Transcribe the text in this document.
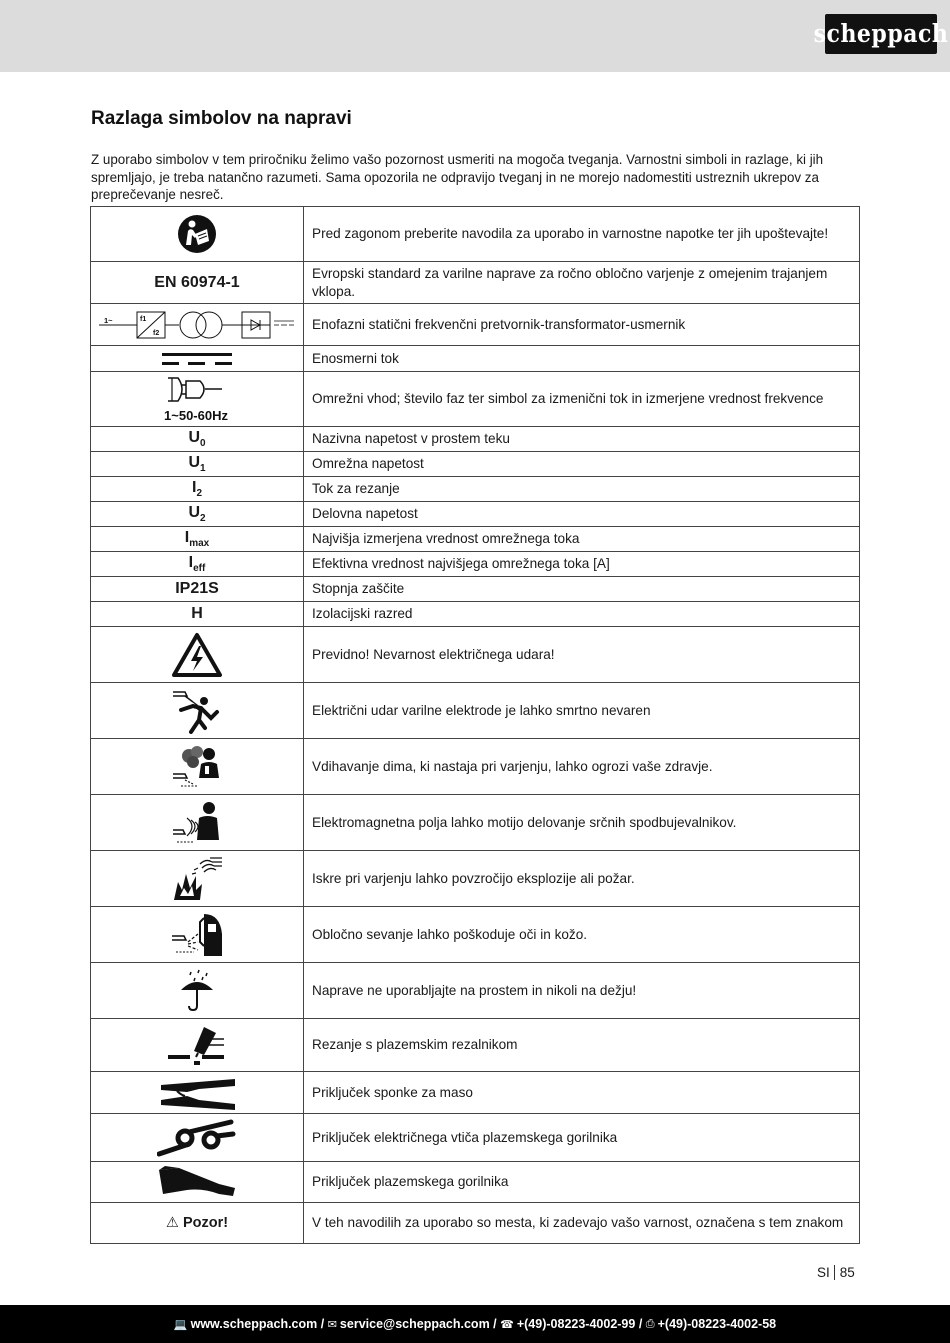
scheppach
Razlaga simbolov na napravi

Z uporabo simbolov v tem priročniku želimo vašo pozornost usmeriti na mogoča tveganja. Varnostni simboli in razlage, ki jih spremljajo, je treba natančno razumeti. Sama opozorila ne odpravijo tveganj in ne morejo nadomestiti ustreznih ukrepov za preprečevanje nesreč.

	Pred zagonom preberite navodila za uporabo in varnostne napotke ter jih upoštevajte!
EN 60974-1	Evropski standard za varilne naprave za ročno obločno varjenje z omejenim trajanjem vklopa.

1~ f1
f2	Enofazni statični frekvenčni pretvornik-transformator-usmernik

	Enosmerni tok

1~50-60Hz	Omrežni vhod; število faz ter simbol za izmenični tok in izmerjene vrednost frekvence
$U_0$	Nazivna napetost v prostem teku
$U_1$	Omrežna napetost
$I_2$	Tok za rezanje
$U_2$	Delovna napetost
$I_{max}$	Najvišja izmerjena vrednost omrežnega toka
$I_{eff}$	Efektivna vrednost najvišjega omrežnega toka [A]
IP21S	Stopnja zaščite
H	Izolacijski razred

	Previdno! Nevarnost električnega udara!

	Električni udar varilne elektrode je lahko smrtno nevaren

	Vdihavanje dima, ki nastaja pri varjenju, lahko ogrozi vaše zdravje.

	Elektromagnetna polja lahko motijo delovanje srčnih spodbujevalnikov.

	Iskre pri varjenju lahko povzročijo eksplozije ali požar.

	Obločno sevanje lahko poškoduje oči in kožo.

	Naprave ne uporabljajte na prostem in nikoli na dežju!

	Rezanje s plazemskim rezalnikom

	Priključek sponke za maso

	Priključek električnega vtiča plazemskega gorilnika

	Priključek plazemskega gorilnika
⚠ Pozor!	V teh navodilih za uporabo so mesta, ki zadevajo vašo varnost, označena s tem znakom
SI 85
💻 www.scheppach.com
/
✉ service@scheppach.com
/
☎ +(49)-08223-4002-99
/
⎙ +(49)-08223-4002-58
